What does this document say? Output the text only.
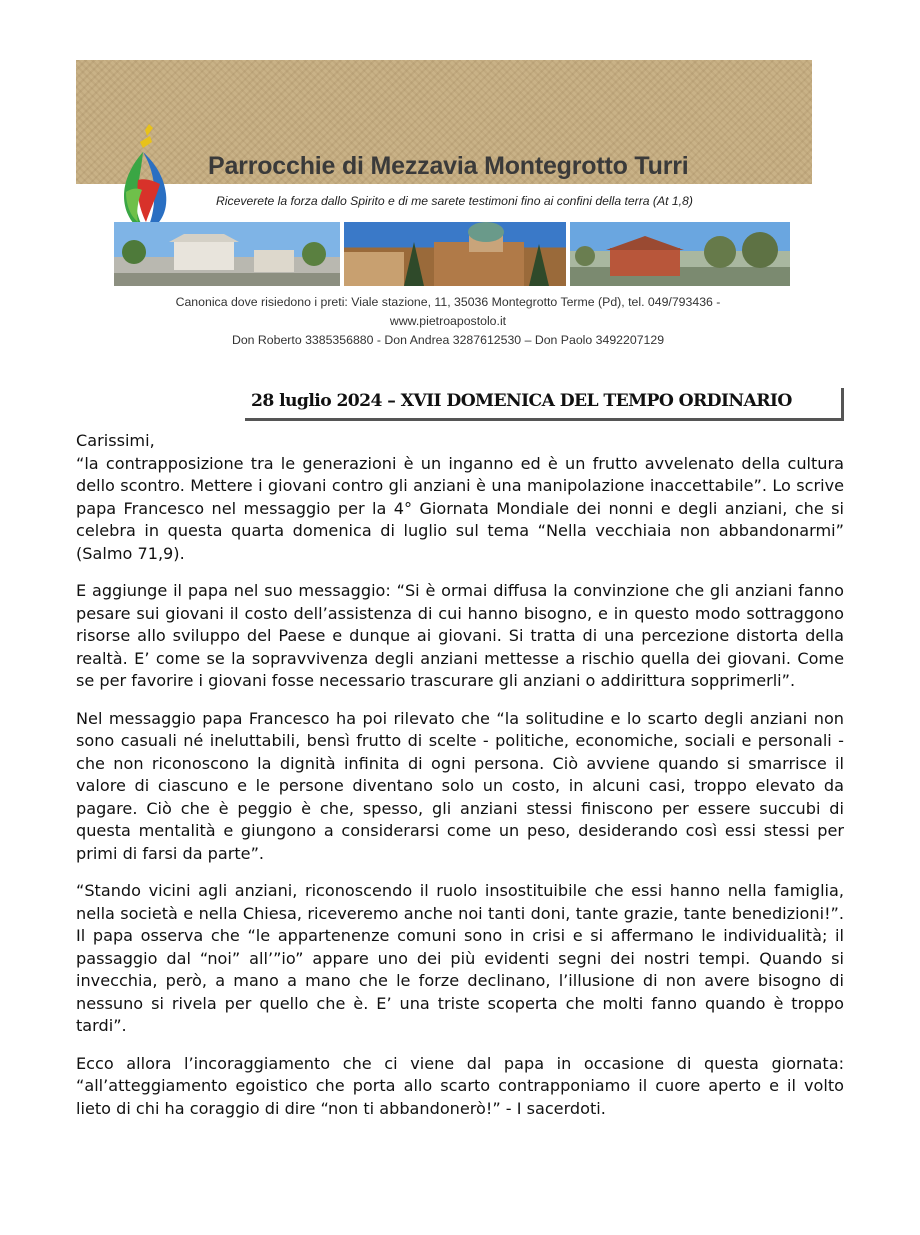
Parrocchie di Mezzavia Montegrotto Turri
Riceverete la forza dallo Spirito e di me sarete testimoni fino ai confini della terra (At 1,8)
Canonica dove risiedono i preti: Viale stazione, 11, 35036 Montegrotto Terme (Pd), tel. 049/793436 -
www.pietroapostolo.it
Don Roberto 3385356880 - Don Andrea 3287612530 – Don Paolo 3492207129
28 luglio 2024 – XVII DOMENICA DEL TEMPO ORDINARIO
Carissimi,

“la contrapposizione tra le generazioni è un inganno ed è un frutto avvelenato della cultura dello scontro. Mettere i giovani contro gli anziani è una manipolazione inaccettabile”. Lo scrive papa Francesco nel messaggio per la 4° Giornata Mondiale dei nonni e degli anziani, che si celebra in questa quarta domenica di luglio sul tema “Nella vecchiaia non abbandonarmi” (Salmo 71,9).

E aggiunge il papa nel suo messaggio: “Si è ormai diffusa la convinzione che gli anziani fanno pesare sui giovani il costo dell’assistenza di cui hanno bisogno, e in questo modo sottraggono risorse allo sviluppo del Paese e dunque ai giovani. Si tratta di una percezione distorta della realtà. E’ come se la sopravvivenza degli anziani mettesse a rischio quella dei giovani. Come se per favorire i giovani fosse necessario trascurare gli anziani o addirittura sopprimerli”.

Nel messaggio papa Francesco ha poi rilevato che “la solitudine e lo scarto degli anziani non sono casuali né ineluttabili, bensì frutto di scelte - politiche, economiche, sociali e personali - che non riconoscono la dignità infinita di ogni persona. Ciò avviene quando si smarrisce il valore di ciascuno e le persone diventano solo un costo, in alcuni casi, troppo elevato da pagare. Ciò che è peggio è che, spesso, gli anziani stessi finiscono per essere succubi di questa mentalità e giungono a considerarsi come un peso, desiderando così essi stessi per primi di farsi da parte”.

“Stando vicini agli anziani, riconoscendo il ruolo insostituibile che essi hanno nella famiglia, nella società e nella Chiesa, riceveremo anche noi tanti doni, tante grazie, tante benedizioni!”. Il papa osserva che “le appartenenze comuni sono in crisi e si affermano le individualità; il passaggio dal “noi” all’”io” appare uno dei più evidenti segni dei nostri tempi. Quando si invecchia, però, a mano a mano che le forze declinano, l’illusione di non avere bisogno di nessuno si rivela per quello che è. E’ una triste scoperta che molti fanno quando è troppo tardi”.

Ecco allora l’incoraggiamento che ci viene dal papa in occasione di questa giornata: “all’atteggiamento egoistico che porta allo scarto contrapponiamo il cuore aperto e il volto lieto di chi ha coraggio di dire “non ti abbandonerò!” - I sacerdoti.
